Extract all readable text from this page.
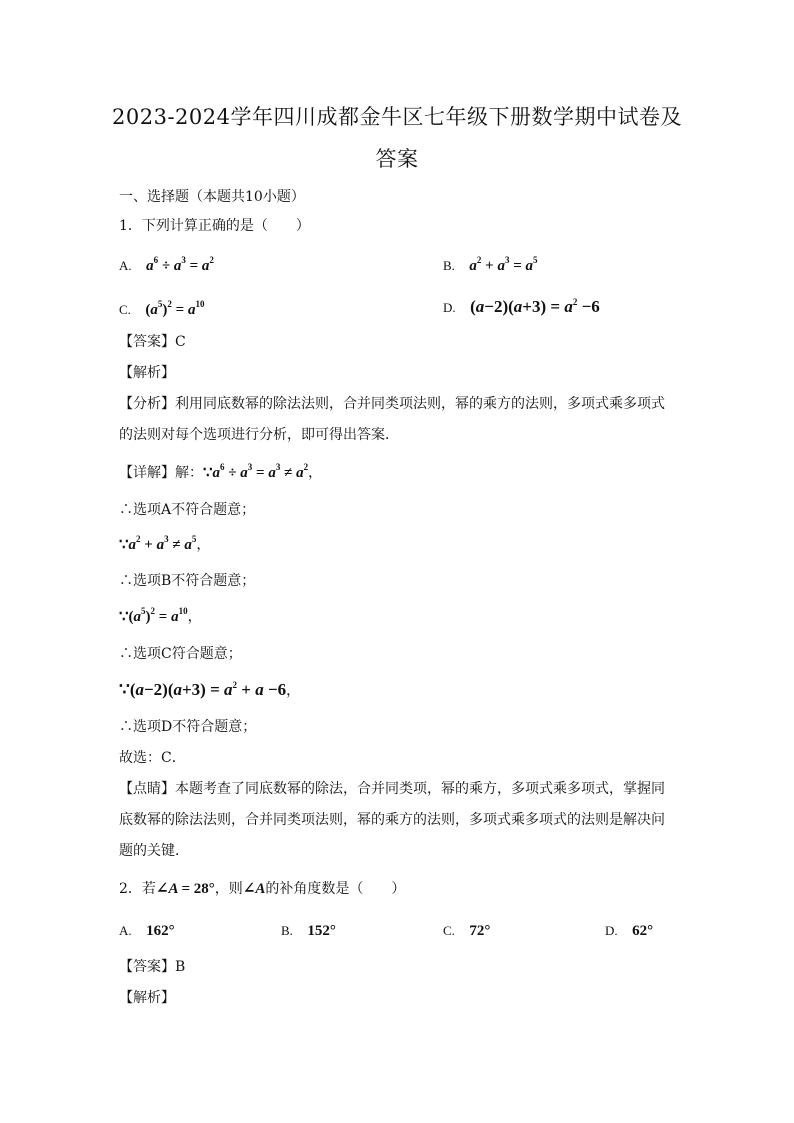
2023-2024学年四川成都金牛区七年级下册数学期中试卷及
答案
一、选择题（本题共10小题）
1．下列计算正确的是（　　）
A. $a^6 \div a^3 = a^2$	B. $a^2 + a^3 = a^5$
C. $(a^5)^2 = a^{10}$	D. $(a-2)(a+3) = a^2 -6$
【答案】C
【解析】
【分析】利用同底数幂的除法法则，合并同类项法则，幂的乘方的法则，多项式乘多项式
的法则对每个选项进行分析，即可得出答案．
【详解】解：$\because a^6 \div a^3 = a^3 \ne a^2$，
∴选项A不符合题意；
$\because a^2 + a^3 \ne a^5$，
∴选项B不符合题意；
$\because(a^5)^2 = a^{10}$，
∴选项C符合题意；
∵(a−2)(a+3) = $a^2 + a -6$，
∴选项D不符合题意；
故选：C．
【点睛】本题考查了同底数幂的除法，合并同类项，幂的乘方，多项式乘多项式，掌握同
底数幂的除法法则，合并同类项法则，幂的乘方的法则，多项式乘多项式的法则是解决问
题的关键．
2．若∠A = 28°，则∠A的补角度数是（　　）
A. 162°	B. 152°	C. 72°	D. 62°
【答案】B
【解析】
